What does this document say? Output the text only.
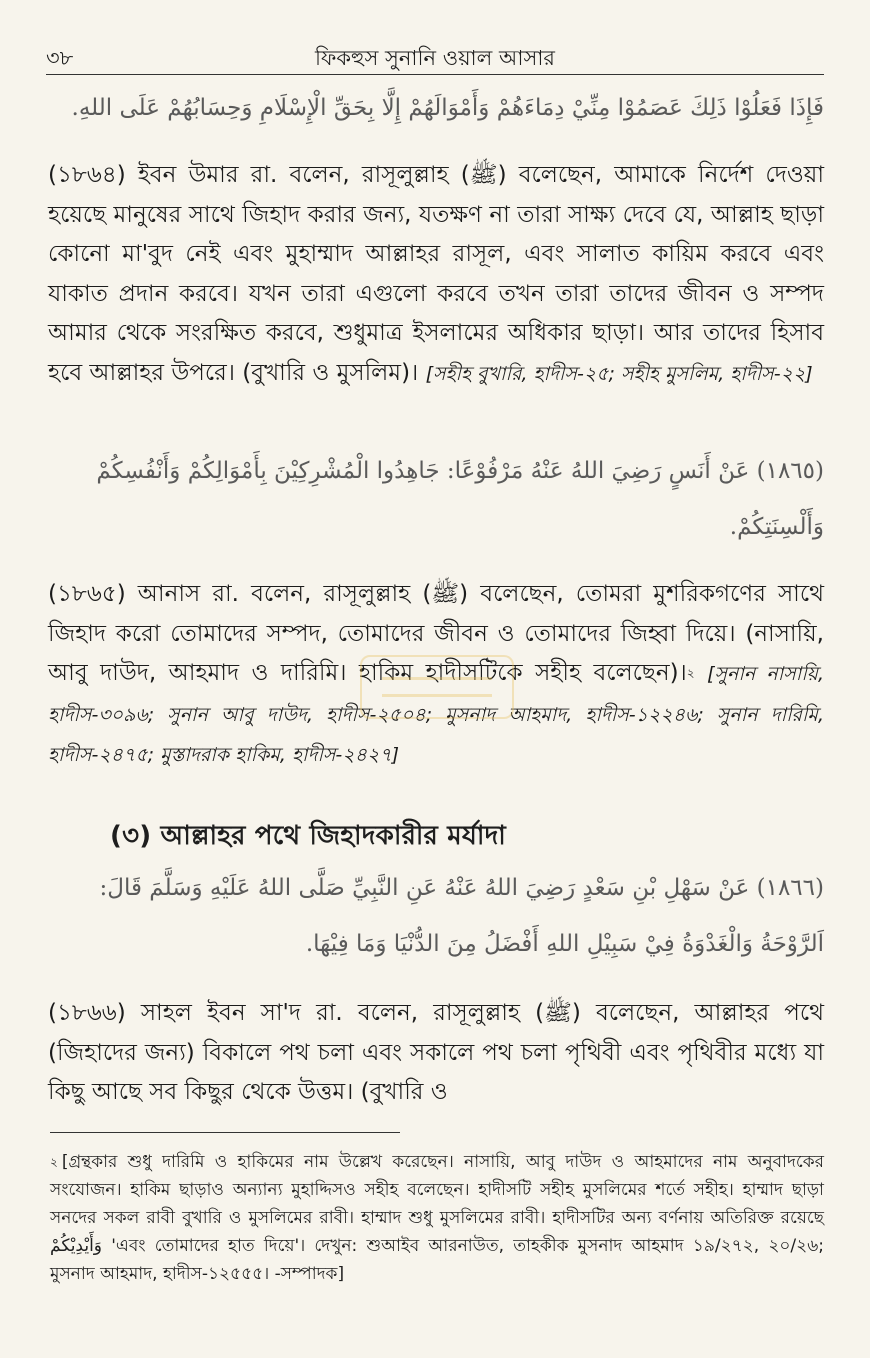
৩৮	ফিকহুস সুনানি ওয়াল আসার
فَإِذَا فَعَلُوْا ذَلِكَ عَصَمُوْا مِنِّيْ دِمَاءَهُمْ وَأَمْوَالَهُمْ إِلَّا بِحَقِّ الْإِسْلَامِ وَحِسَابُهُمْ عَلَى اللهِ.
(১৮৬৪) ইবন উমার রা. বলেন, রাসূলুল্লাহ (ﷺ) বলেছেন, আমাকে নির্দেশ দেওয়া হয়েছে মানুষের সাথে জিহাদ করার জন্য, যতক্ষণ না তারা সাক্ষ্য দেবে যে, আল্লাহ ছাড়া কোনো মা'বুদ নেই এবং মুহাম্মাদ আল্লাহর রাসূল, এবং সালাত কায়িম করবে এবং যাকাত প্রদান করবে। যখন তারা এগুলো করবে তখন তারা তাদের জীবন ও সম্পদ আমার থেকে সংরক্ষিত করবে, শুধুমাত্র ইসলামের অধিকার ছাড়া। আর তাদের হিসাব হবে আল্লাহর উপরে। (বুখারি ও মুসলিম)। [সহীহ বুখারি, হাদীস-২৫; সহীহ মুসলিম, হাদীস-২২]
(١٨٦٥) عَنْ أَنَسٍ رَضِيَ اللهُ عَنْهُ مَرْفُوْعًا: جَاهِدُوا الْمُشْرِكِيْنَ بِأَمْوَالِكُمْ وَأَنْفُسِكُمْ وَأَلْسِنَتِكُمْ.
(১৮৬৫) আনাস রা. বলেন, রাসূলুল্লাহ (ﷺ) বলেছেন, তোমরা মুশরিকগণের সাথে জিহাদ করো তোমাদের সম্পদ, তোমাদের জীবন ও তোমাদের জিহ্বা দিয়ে। (নাসায়ি, আবু দাউদ, আহমাদ ও দারিমি। হাকিম হাদীসটিকে সহীহ বলেছেন)।$^২$ [সুনান নাসায়ি, হাদীস-৩০৯৬; সুনান আবু দাউদ, হাদীস-২৫০৪; মুসনাদ আহমাদ, হাদীস-১২২৪৬; সুনান দারিমি, হাদীস-২৪৭৫; মুস্তাদরাক হাকিম, হাদীস-২৪২৭]
(৩) আল্লাহর পথে জিহাদকারীর মর্যাদা
(١٨٦٦) عَنْ سَهْلِ بْنِ سَعْدٍ رَضِيَ اللهُ عَنْهُ عَنِ النَّبِيِّ صَلَّى اللهُ عَلَيْهِ وَسَلَّمَ قَالَ: اَلرَّوْحَةُ وَالْغَدْوَةُ فِيْ سَبِيْلِ اللهِ أَفْضَلُ مِنَ الدُّنْيَا وَمَا فِيْهَا.
(১৮৬৬) সাহল ইবন সা'দ রা. বলেন, রাসূলুল্লাহ (ﷺ) বলেছেন, আল্লাহর পথে (জিহাদের জন্য) বিকালে পথ চলা এবং সকালে পথ চলা পৃথিবী এবং পৃথিবীর মধ্যে যা কিছু আছে সব কিছুর থেকে উত্তম। (বুখারি ও
$^২$ [গ্রন্থকার শুধু দারিমি ও হাকিমের নাম উল্লেখ করেছেন। নাসায়ি, আবু দাউদ ও আহমাদের নাম অনুবাদকের সংযোজন। হাকিম ছাড়াও অন্যান্য মুহাদ্দিসও সহীহ বলেছেন। হাদীসটি সহীহ মুসলিমের শর্তে সহীহ। হাম্মাদ ছাড়া সনদের সকল রাবী বুখারি ও মুসলিমের রাবী। হাম্মাদ শুধু মুসলিমের রাবী। হাদীসটির অন্য বর্ণনায় অতিরিক্ত রয়েছে وَأَيْدِيْكُمْ 'এবং তোমাদের হাত দিয়ে'। দেখুন: শুআইব আরনাউত, তাহকীক মুসনাদ আহমাদ ১৯/২৭২, ২০/২৬; মুসনাদ আহমাদ, হাদীস-১২৫৫৫। -সম্পাদক]
